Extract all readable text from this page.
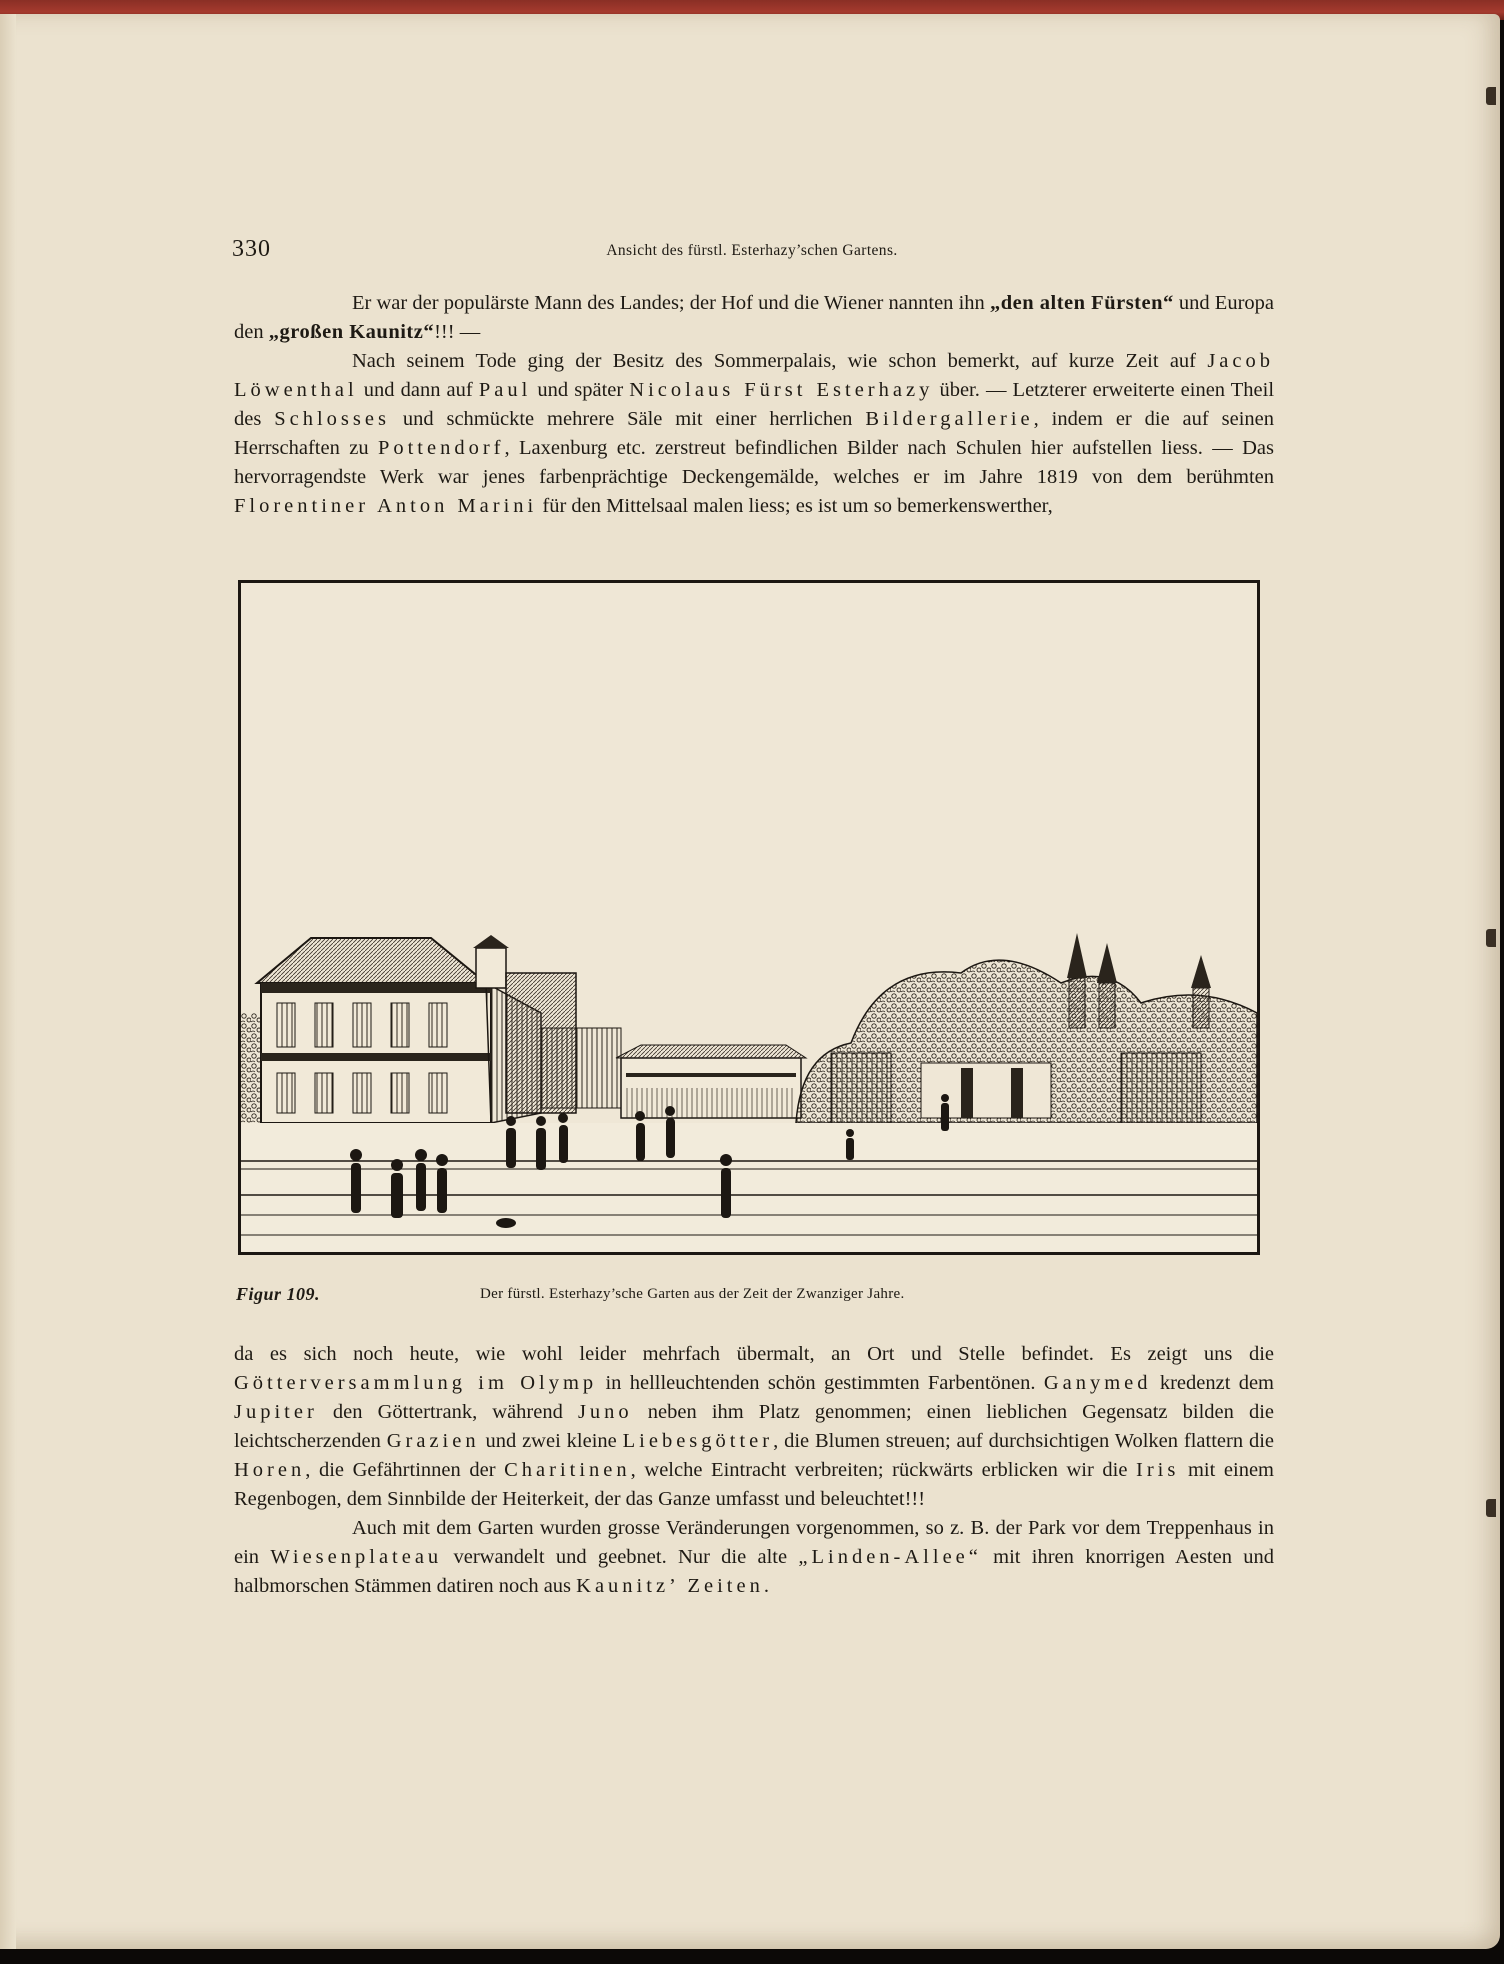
330	Ansicht des fürstl. Esterhazy’schen Gartens.

Er war der populärste Mann des Landes; der Hof und die Wiener nannten ihn „den alten Fürsten“ und Europa den „großen Kaunitz“!!! —

Nach seinem Tode ging der Besitz des Sommerpalais, wie schon bemerkt, auf kurze Zeit auf Jacob Löwenthal und dann auf Paul und später Nicolaus Fürst Esterhazy über. — Letzterer erweiterte einen Theil des Schlosses und schmückte mehrere Säle mit einer herrlichen Bildergallerie, indem er die auf seinen Herrschaften zu Pottendorf, Laxenburg etc. zerstreut befindlichen Bilder nach Schulen hier aufstellen liess. — Das hervorragendste Werk war jenes farbenprächtige Deckengemälde, welches er im Jahre 1819 von dem berühmten Florentiner Anton Marini für den Mittelsaal malen liess; es ist um so bemerkenswerther,

Figur 109.	Der fürstl. Esterhazy’sche Garten aus der Zeit der Zwanziger Jahre.

da es sich noch heute, wie wohl leider mehrfach übermalt, an Ort und Stelle befindet. Es zeigt uns die Götterversammlung im Olymp in hellleuchtenden schön gestimmten Farbentönen. Ganymed kredenzt dem Jupiter den Göttertrank, während Juno neben ihm Platz genommen; einen lieblichen Gegensatz bilden die leichtscherzenden Grazien und zwei kleine Liebesgötter, die Blumen streuen; auf durchsichtigen Wolken flattern die Horen, die Gefährtinnen der Charitinen, welche Eintracht verbreiten; rückwärts erblicken wir die Iris mit einem Regenbogen, dem Sinnbilde der Heiterkeit, der das Ganze umfasst und beleuchtet!!!

Auch mit dem Garten wurden grosse Veränderungen vorgenommen, so z. B. der Park vor dem Treppenhaus in ein Wiesenplateau verwandelt und geebnet. Nur die alte „Linden-Allee“ mit ihren knorrigen Aesten und halbmorschen Stämmen datiren noch aus Kaunitz’ Zeiten.
